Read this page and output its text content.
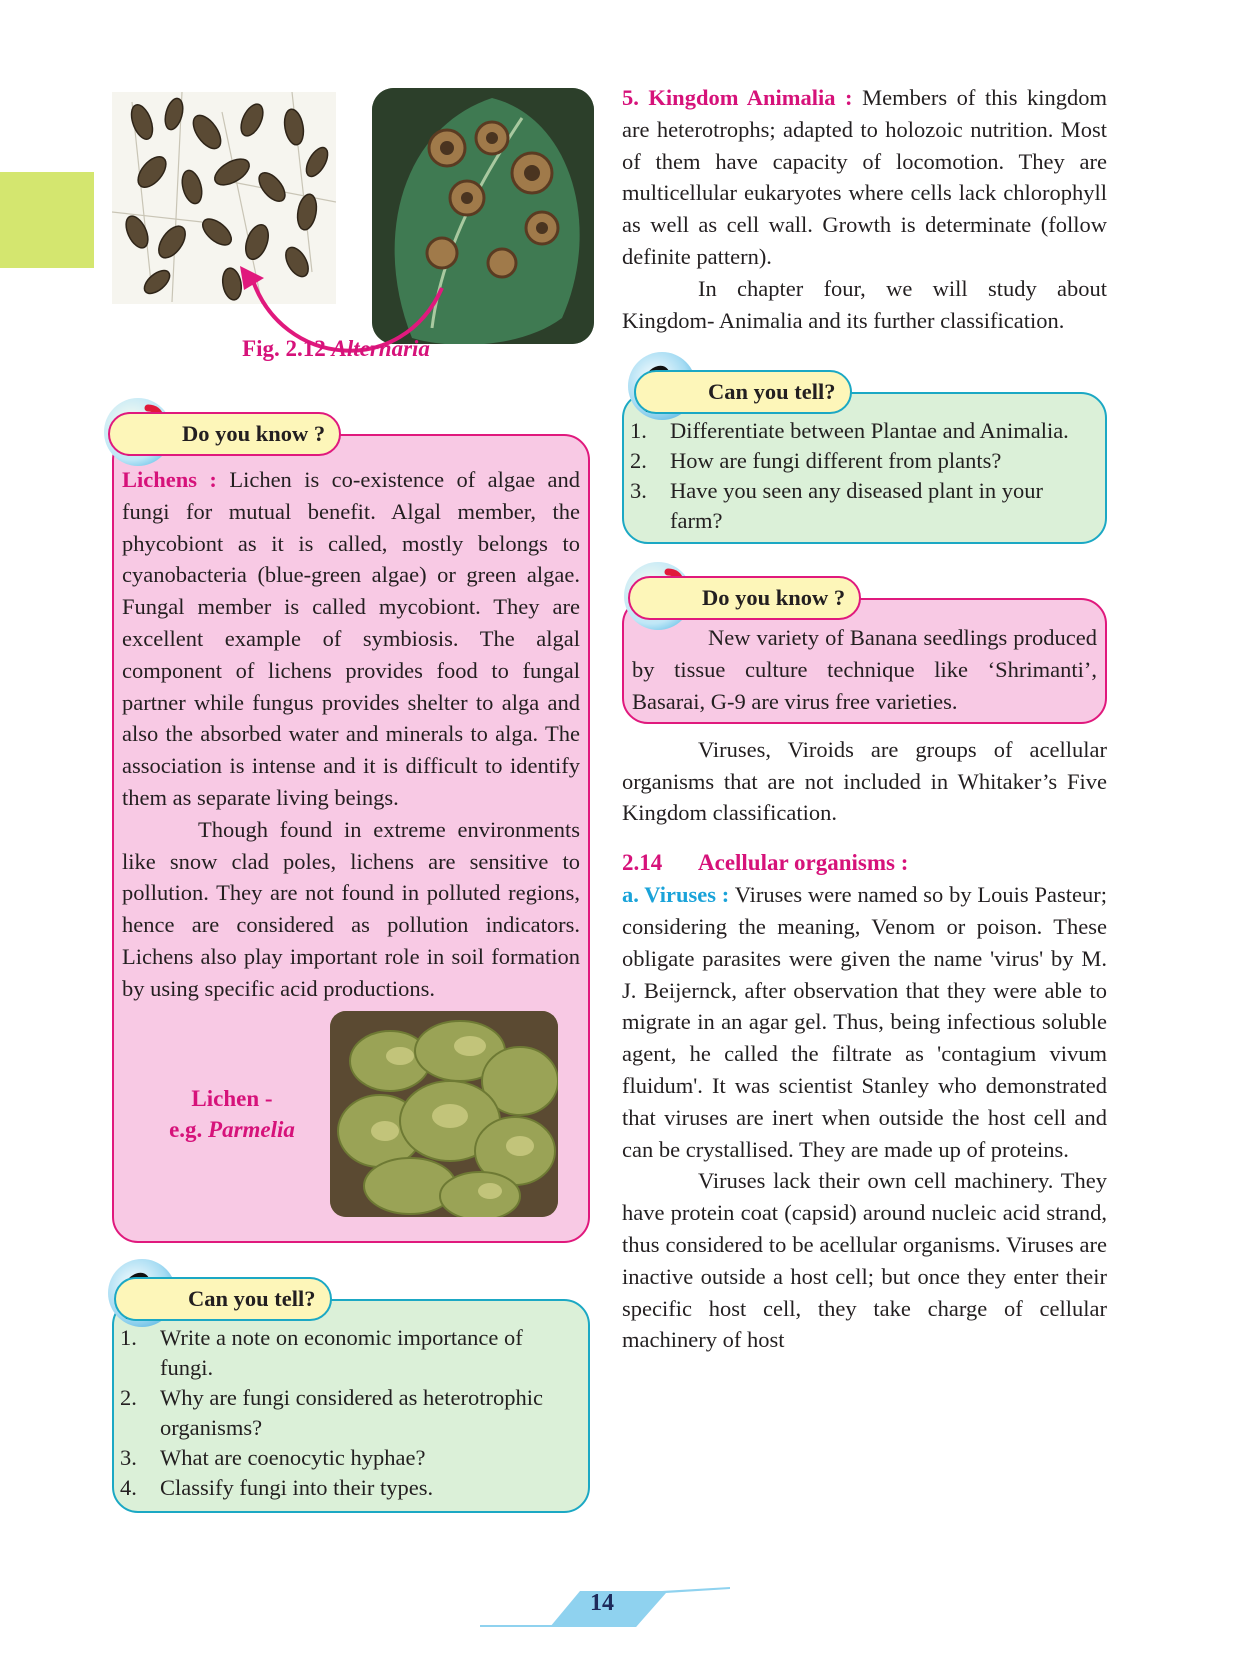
Fig. 2.12 Alternaria

Do you know ?

Lichens : Lichen is co-existence of algae and fungi for mutual benefit. Algal member, the phycobiont as it is called, mostly belongs to cyanobacteria (blue-green algae) or green algae. Fungal member is called mycobiont. They are excellent example of symbiosis. The algal component of lichens provides food to fungal partner while fungus provides shelter to alga and also the absorbed water and minerals to alga. The association is intense and it is difficult to identify them as separate living beings.

Though found in extreme environments like snow clad poles, lichens are sensitive to pollution. They are not found in polluted regions, hence are considered as pollution indicators. Lichens also play important role in soil formation by using specific acid productions.

Lichen -
e.g. Parmelia
Can you tell?
1. Write a note on economic importance of fungi.
2. Why are fungi considered as heterotrophic organisms?
3. What are coenocytic hyphae?
4. Classify fungi into their types.

5. Kingdom Animalia : Members of this kingdom are heterotrophs; adapted to holozoic nutrition. Most of them have capacity of locomotion. They are multicellular eukaryotes where cells lack chlorophyll as well as cell wall. Growth is determinate (follow definite pattern).

In chapter four, we will study about Kingdom- Animalia and its further classification.

Can you tell?
1. Differentiate between Plantae and Animalia.
2. How are fungi different from plants?
3. Have you seen any diseased plant in your farm?
Do you know ?

New variety of Banana seedlings produced by tissue culture technique like ‘Shrimanti’, Basarai, G-9 are virus free varieties.

Viruses, Viroids are groups of acellular organisms that are not included in Whitaker’s Five Kingdom classification.

2.14 Acellular organisms :

a. Viruses : Viruses were named so by Louis Pasteur; considering the meaning, Venom or poison. These obligate parasites were given the name 'virus' by M. J. Beijernck, after observation that they were able to migrate in an agar gel. Thus, being infectious soluble agent, he called the filtrate as 'contagium vivum fluidum'. It was scientist Stanley who demonstrated that viruses are inert when outside the host cell and can be crystallised. They are made up of proteins.

Viruses lack their own cell machinery. They have protein coat (capsid) around nucleic acid strand, thus considered to be acellular organisms. Viruses are inactive outside a host cell; but once they enter their specific host cell, they take charge of cellular machinery of host

14
